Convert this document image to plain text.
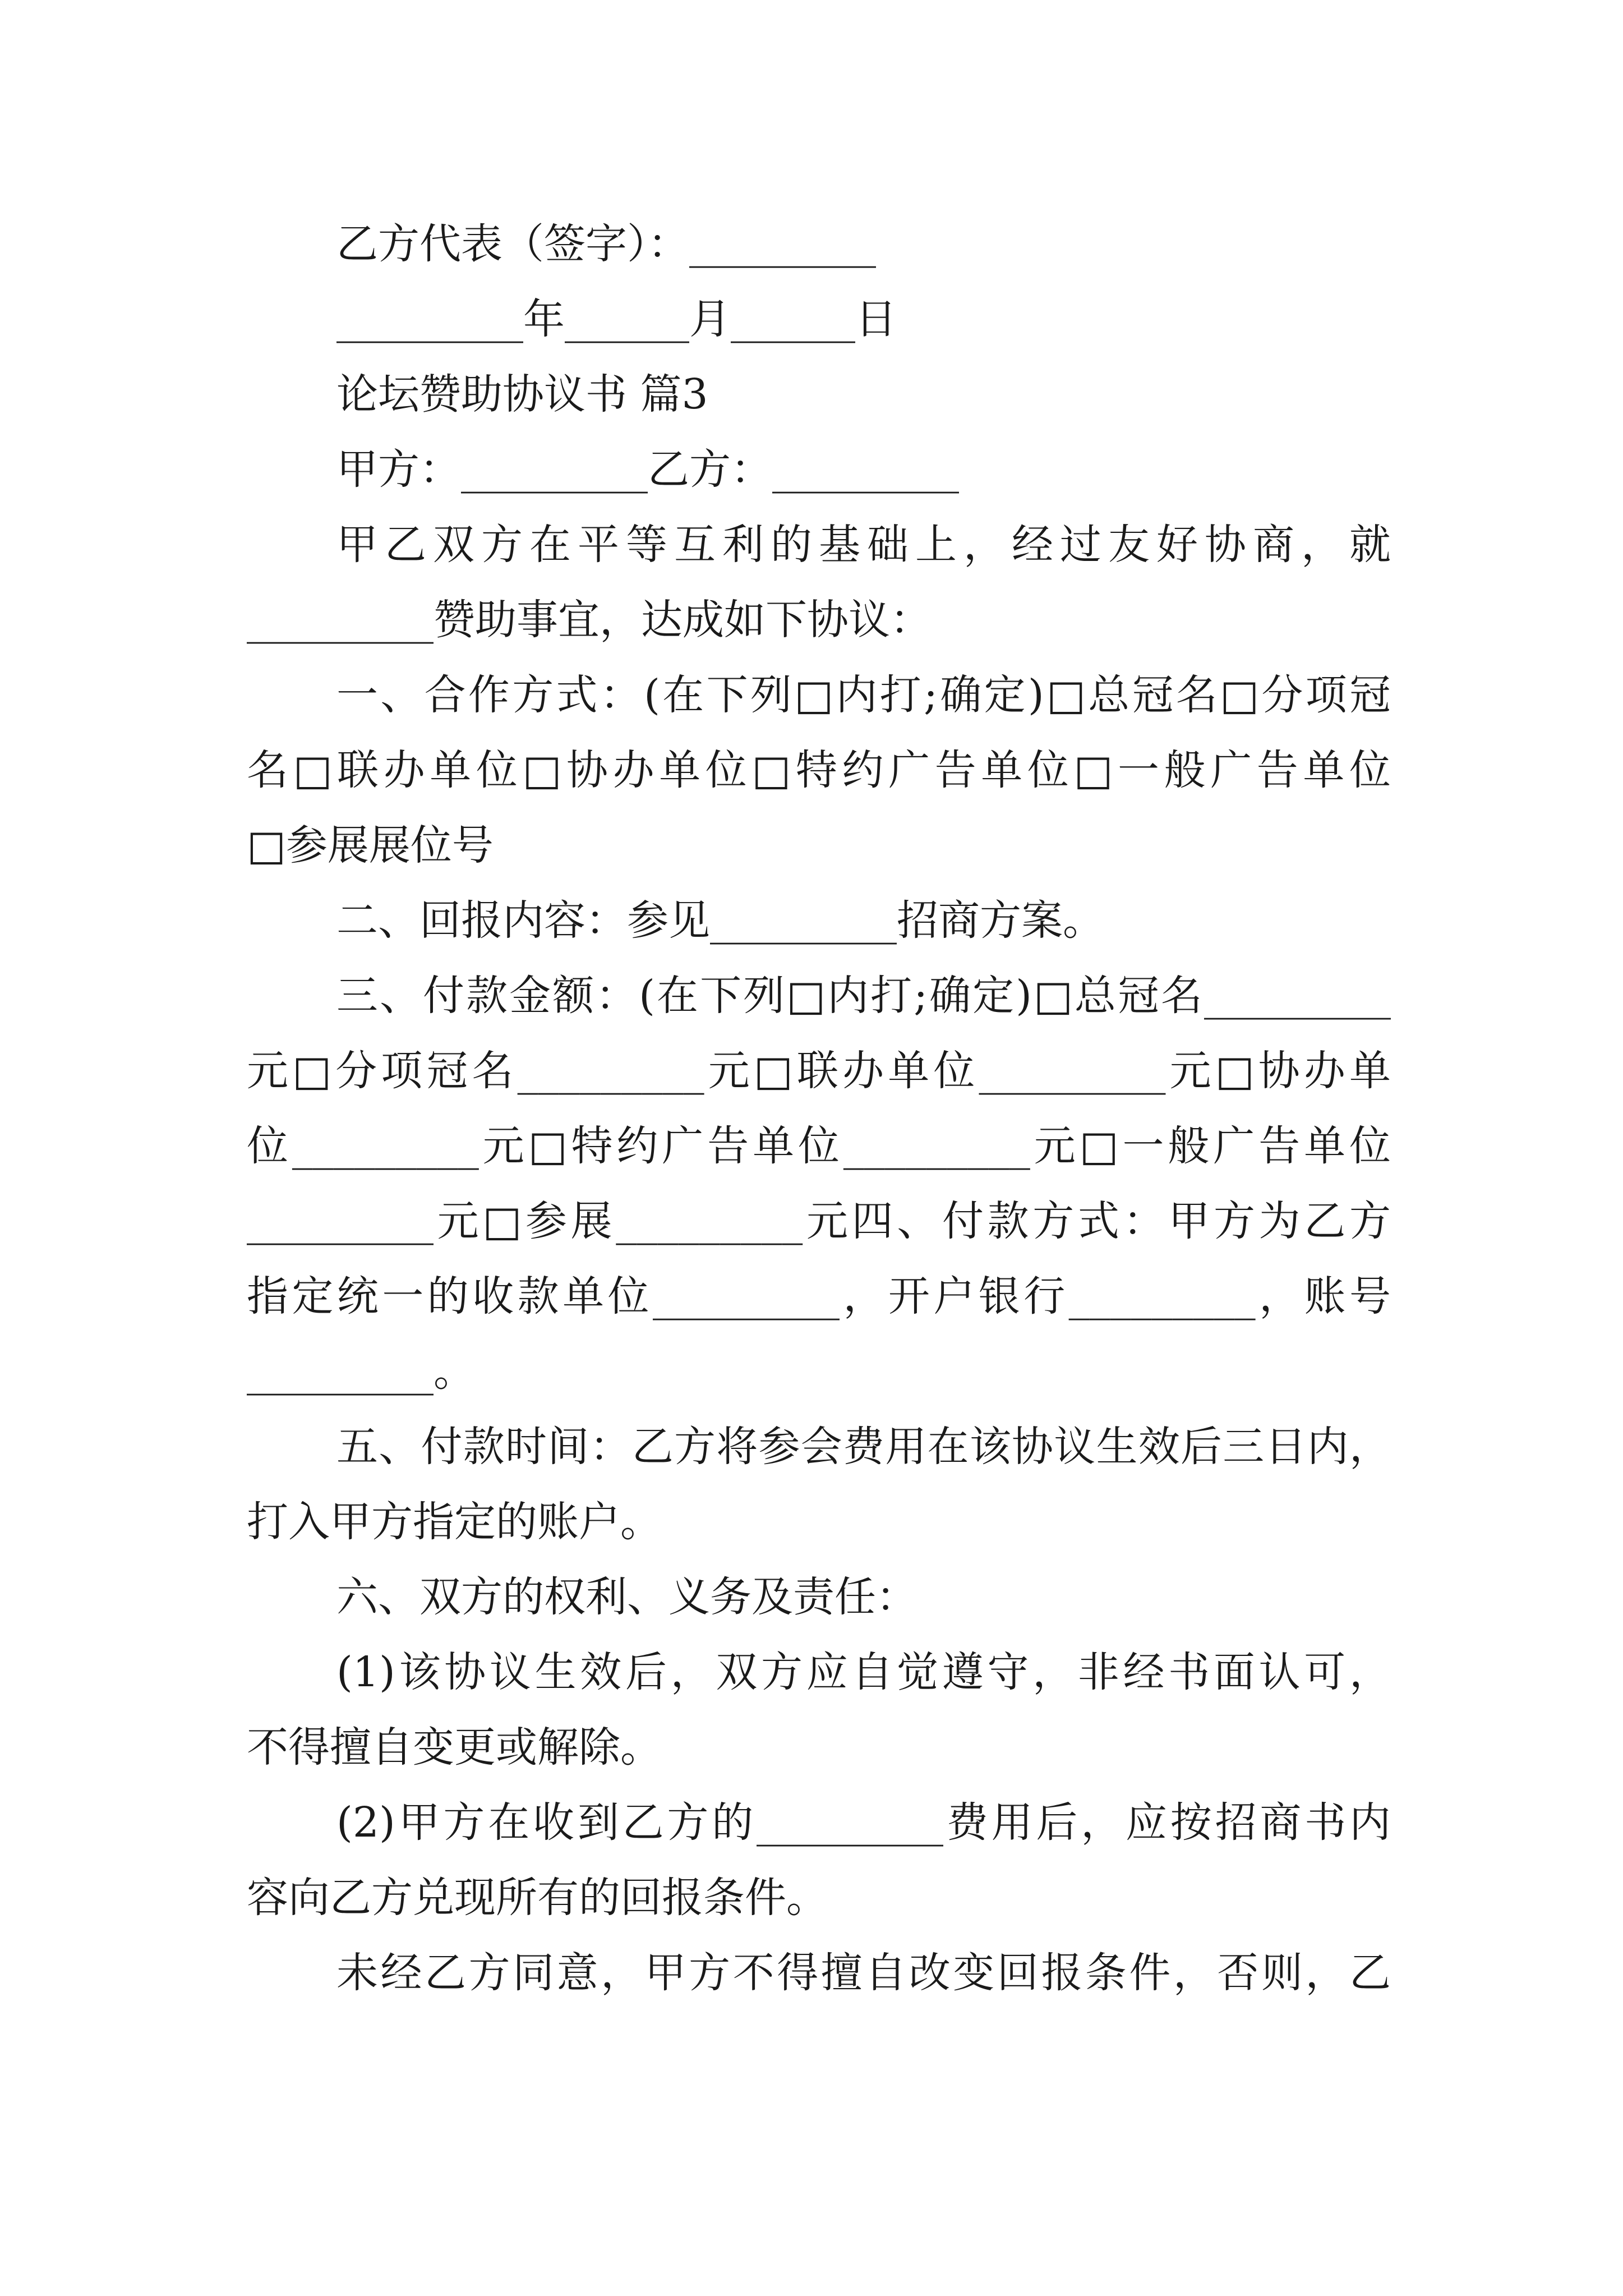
乙方代表（签字）：_________
_________年______月______日
论坛赞助协议书 篇3
甲方：_________乙方：_________
甲乙双方在平等互利的基础上，经过友好协商，就
_________赞助事宜，达成如下协议：
一、合作方式：(在下列□内打;确定)□总冠名□分项冠
名□联办单位□协办单位□特约广告单位□一般广告单位
□参展展位号
二、回报内容：参见_________招商方案。
三、付款金额：(在下列□内打;确定)□总冠名_________
元□分项冠名_________元□联办单位_________元□协办单
位_________元□特约广告单位_________元□一般广告单位
_________元□参展_________元四、付款方式：甲方为乙方
指定统一的收款单位_________，开户银行_________，账号
_________。
五、付款时间：乙方将参会费用在该协议生效后三日内，
打入甲方指定的账户。
六、双方的权利、义务及责任：
(1)该协议生效后，双方应自觉遵守，非经书面认可，
不得擅自变更或解除。
(2)甲方在收到乙方的_________费用后，应按招商书内
容向乙方兑现所有的回报条件。
未经乙方同意，甲方不得擅自改变回报条件，否则，乙
